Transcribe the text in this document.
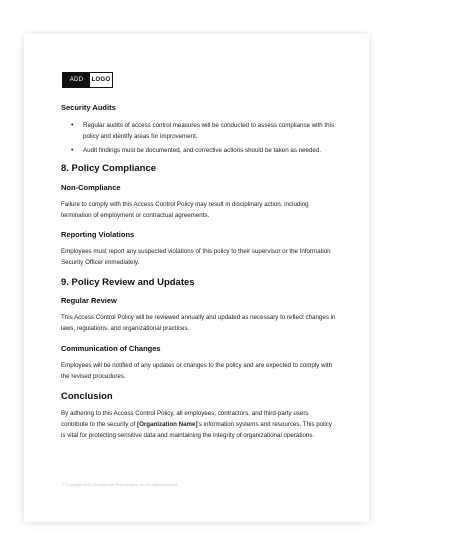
ADD	LOGO
Security Audits
• Regular audits of access control measures will be conducted to assess compliance with this policy and identify areas for improvement.
• Audit findings must be documented, and corrective actions should be taken as needed.
8. Policy Compliance
Non-Compliance

Failure to comply with this Access Control Policy may result in disciplinary action, including termination of employment or contractual agreements.

Reporting Violations

Employees must report any suspected violations of this policy to their supervisor or the Information Security Officer immediately.

9. Policy Review and Updates
Regular Review

This Access Control Policy will be reviewed annually and updated as necessary to reflect changes in laws, regulations, and organizational practices.

Communication of Changes

Employees will be notified of any updates or changes to the policy and are expected to comply with the revised procedures.

Conclusion

By adhering to this Access Control Policy, all employees, contractors, and third-party users contribute to the security of [Organization Name]'s information systems and resources. This policy is vital for protecting sensitive data and maintaining the integrity of organizational operations.

© Copyright 2024 Template.net Technologies, Inc. All rights reserved.
